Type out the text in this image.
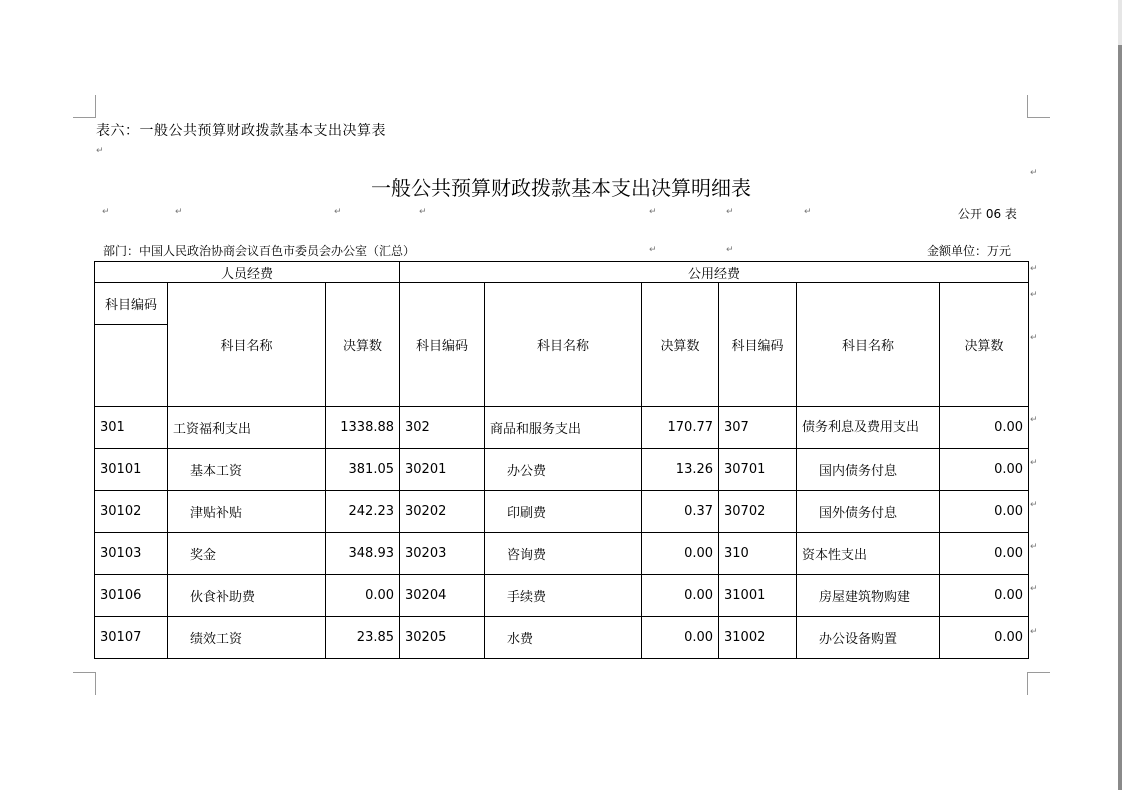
表六：一般公共预算财政拨款基本支出决算表
↵
一般公共预算财政拨款基本支出决算明细表
↵
↵	↵	↵	↵	↵	↵	↵	公开 06 表
部门：中国人民政治协商会议百色市委员会办公室（汇总）	↵	↵	金额单位：万元
人员经费			公用经费					
科目编码	科目名称	决算数	科目编码	科目名称	决算数	科目编码	科目名称	决算数

301	工资福利支出	1338.88	302	商品和服务支出	170.77	307	债务利息及费用支出	0.00
30101	基本工资	381.05	30201	办公费	13.26	30701	国内债务付息	0.00
30102	津贴补贴	242.23	30202	印刷费	0.37	30702	国外债务付息	0.00
30103	奖金	348.93	30203	咨询费	0.00	310	资本性支出	0.00
30106	伙食补助费	0.00	30204	手续费	0.00	31001	房屋建筑物购建	0.00
30107	绩效工资	23.85	30205	水费	0.00	31002	办公设备购置	0.00
↵
↵
↵
↵
↵
↵
↵
↵
↵
